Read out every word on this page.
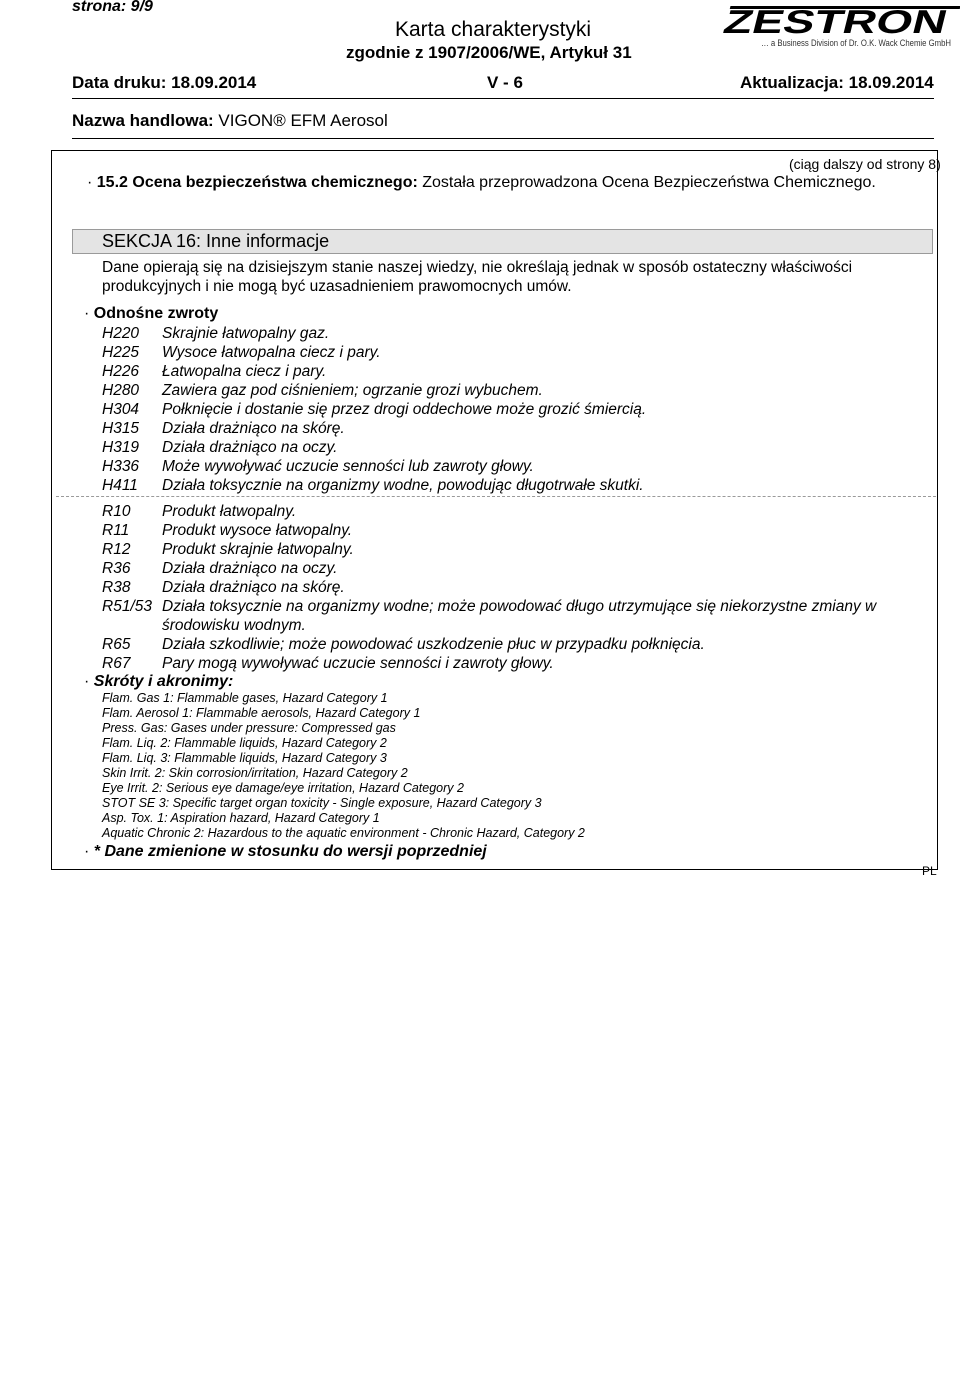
strona: 9/9
Karta charakterystyki
zgodnie z 1907/2006/WE, Artykuł 31
ZESTRON
… a Business Division of Dr. O.K. Wack Chemie GmbH
Data druku: 18.09.2014	V - 6	Aktualizacja: 18.09.2014
Nazwa handlowa: VIGON® EFM Aerosol
(ciąg dalszy od strony 8)
· 15.2 Ocena bezpieczeństwa chemicznego: Została przeprowadzona Ocena Bezpieczeństwa Chemicznego.
SEKCJA 16: Inne informacje
Dane opierają się na dzisiejszym stanie naszej wiedzy, nie określają jednak w sposób ostateczny właściwości produkcyjnych i nie mogą być uzasadnieniem prawomocnych umów.
· Odnośne zwroty
H220	Skrajnie łatwopalny gaz.
H225	Wysoce łatwopalna ciecz i pary.
H226	Łatwopalna ciecz i pary.
H280	Zawiera gaz pod ciśnieniem; ogrzanie grozi wybuchem.
H304	Połknięcie i dostanie się przez drogi oddechowe może grozić śmiercią.
H315	Działa drażniąco na skórę.
H319	Działa drażniąco na oczy.
H336	Może wywoływać uczucie senności lub zawroty głowy.
H411	Działa toksycznie na organizmy wodne, powodując długotrwałe skutki.
R10	Produkt łatwopalny.
R11	Produkt wysoce łatwopalny.
R12	Produkt skrajnie łatwopalny.
R36	Działa drażniąco na oczy.
R38	Działa drażniąco na skórę.
R51/53 Działa toksycznie na organizmy wodne; może powodować długo utrzymujące się niekorzystne zmiany w środowisku wodnym.
R65	Działa szkodliwie; może powodować uszkodzenie płuc w przypadku połknięcia.
R67	Pary mogą wywoływać uczucie senności i zawroty głowy.
· Skróty i akronimy:
Flam. Gas 1: Flammable gases, Hazard Category 1
Flam. Aerosol 1: Flammable aerosols, Hazard Category 1
Press. Gas: Gases under pressure: Compressed gas
Flam. Liq. 2: Flammable liquids, Hazard Category 2
Flam. Liq. 3: Flammable liquids, Hazard Category 3
Skin Irrit. 2: Skin corrosion/irritation, Hazard Category 2
Eye Irrit. 2: Serious eye damage/eye irritation, Hazard Category 2
STOT SE 3: Specific target organ toxicity - Single exposure, Hazard Category 3
Asp. Tox. 1: Aspiration hazard, Hazard Category 1
Aquatic Chronic 2: Hazardous to the aquatic environment - Chronic Hazard, Category 2
· * Dane zmienione w stosunku do wersji poprzedniej
PL
